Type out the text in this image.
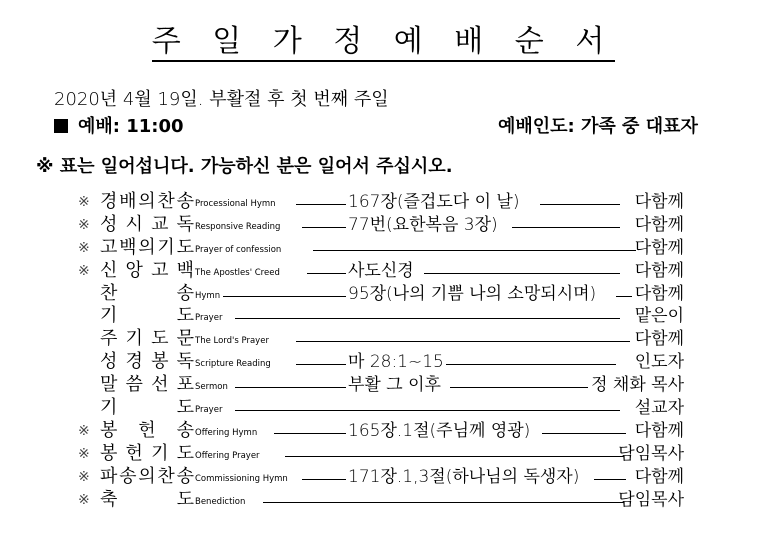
주 일 가 정 예 배 순 서
2020년 4월 19일. 부활절 후 첫 번째 주일
예배: 11:00	예배인도: 가족 중 대표자
※ 표는 일어섭니다. 가능하신 분은 일어서 주십시오.
※ 경 배 의 찬 송 Processional Hymn	167장(즐겁도다 이 날)	다함께
※ 성 시 교 독 Responsive Reading	77번(요한복음 3장)	다함께
※ 고 백 의 기 도 Prayer of confession	다함께
※ 신 앙 고 백 The Apostles' Creed	사도신경	다함께
찬	송 Hymn	95장(나의 기쁨 나의 소망되시며) 다함께
기	도 Prayer	맡은이
주 기 도 문 The Lord's Prayer	다함께
성 경 봉 독 Scripture Reading	마 28:1~15	인도자
말 씀 선 포 Sermon	부활 그 이후	정 채화 목사
기	도 Prayer	설교자
※ 봉 헌 송 Offering Hymn	165장.1절(주님께 영광)	다함께
※ 봉 헌 기 도 Offering Prayer	담임목사
※ 파 송 의 찬 송 Commissioning Hymn	171장.1,3절(하나님의 독생자)	다함께
※ 축	도 Benediction	담임목사
